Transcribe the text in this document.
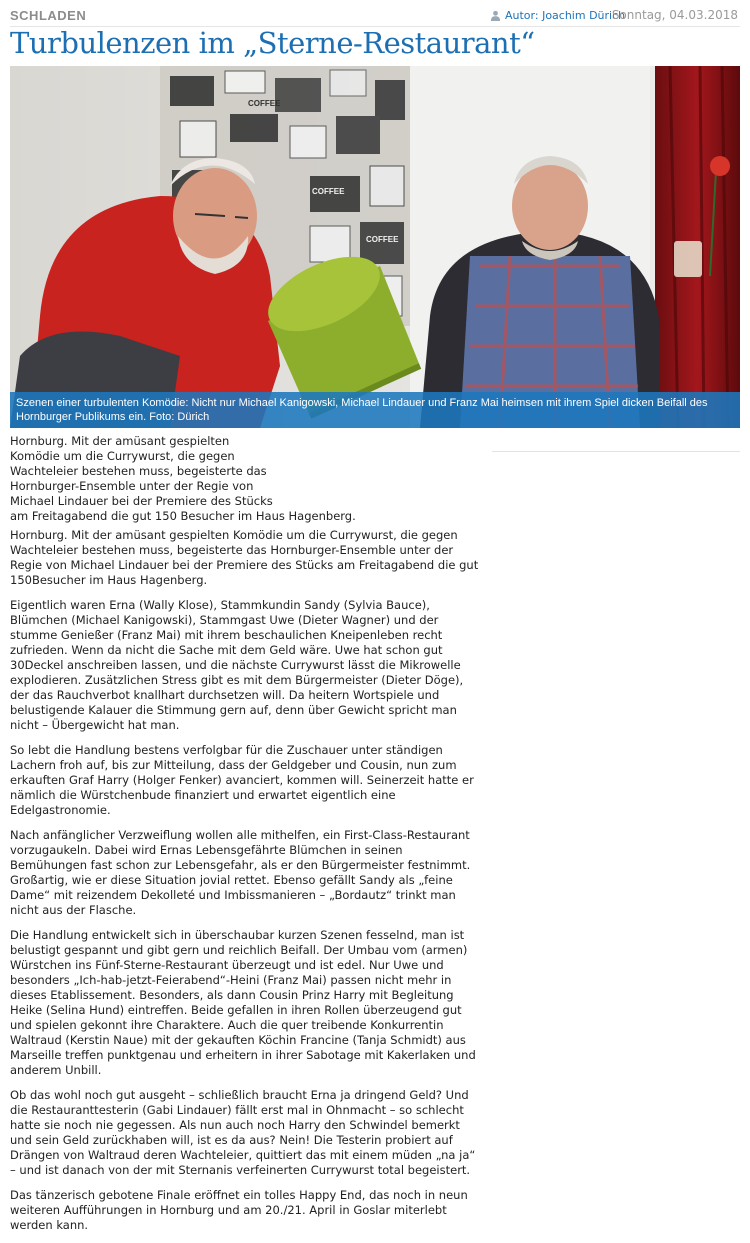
SCHLADEN	Autor: Joachim Dürich
Sonntag, 04.03.2018
Turbulenzen im „Sterne-Restaurant“
COFFEE
COFFEE
COFFEE
Szenen einer turbulenten Komödie: Nicht nur Michael Kanigowski, Michael Lindauer und Franz Mai heimsen mit ihrem Spiel dicken Beifall des Hornburger Publikums ein. Foto: Dürich

Hornburg. Mit der amüsant gespielten

Komödie um die Currywurst, die gegen

Wachteleier bestehen muss, begeisterte das

Hornburger-Ensemble unter der Regie von

Michael Lindauer bei der Premiere des Stücks

am Freitagabend die gut 150 Besucher im Haus Hagenberg.

Hornburg. Mit der amüsant gespielten Komödie um die Currywurst, die gegen Wachteleier bestehen muss, begeisterte das Hornburger-Ensemble unter der Regie von Michael Lindauer bei der Premiere des Stücks am Freitagabend die gut 150Besucher im Haus Hagenberg.

Eigentlich waren Erna (Wally Klose), Stammkundin Sandy (Sylvia Bauce), Blümchen (Michael Kanigowski), Stammgast Uwe (Dieter Wagner) und der stumme Genießer (Franz Mai) mit ihrem beschaulichen Kneipenleben recht zufrieden. Wenn da nicht die Sache mit dem Geld wäre. Uwe hat schon gut 30Deckel anschreiben lassen, und die nächste Currywurst lässt die Mikrowelle explodieren. Zusätzlichen Stress gibt es mit dem Bürgermeister (Dieter Döge), der das Rauchverbot knallhart durchsetzen will. Da heitern Wortspiele und belustigende Kalauer die Stimmung gern auf, denn über Gewicht spricht man nicht – Übergewicht hat man.

So lebt die Handlung bestens verfolgbar für die Zuschauer unter ständigen Lachern froh auf, bis zur Mitteilung, dass der Geldgeber und Cousin, nun zum erkauften Graf Harry (Holger Fenker) avanciert, kommen will. Seinerzeit hatte er nämlich die Würstchenbude finanziert und erwartet eigentlich eine Edelgastronomie.

Nach anfänglicher Verzweiflung wollen alle mithelfen, ein First-Class-Restaurant vorzugaukeln. Dabei wird Ernas Lebensgefährte Blümchen in seinen Bemühungen fast schon zur Lebensgefahr, als er den Bürgermeister festnimmt. Großartig, wie er diese Situation jovial rettet. Ebenso gefällt Sandy als „feine Dame“ mit reizendem Dekolleté und Imbissmanieren – „Bordautz“ trinkt man nicht aus der Flasche.

Die Handlung entwickelt sich in überschaubar kurzen Szenen fesselnd, man ist belustigt gespannt und gibt gern und reichlich Beifall. Der Umbau vom (armen) Würstchen ins Fünf-Sterne-Restaurant überzeugt und ist edel. Nur Uwe und besonders „Ich-hab-jetzt-Feierabend“-Heini (Franz Mai) passen nicht mehr in dieses Etablissement. Besonders, als dann Cousin Prinz Harry mit Begleitung Heike (Selina Hund) eintreffen. Beide gefallen in ihren Rollen überzeugend gut und spielen gekonnt ihre Charaktere. Auch die quer treibende Konkurrentin Waltraud (Kerstin Naue) mit der gekauften Köchin Francine (Tanja Schmidt) aus Marseille treffen punktgenau und erheitern in ihrer Sabotage mit Kakerlaken und anderem Unbill.

Ob das wohl noch gut ausgeht – schließlich braucht Erna ja dringend Geld? Und die Restauranttesterin (Gabi Lindauer) fällt erst mal in Ohnmacht – so schlecht hatte sie noch nie gegessen. Als nun auch noch Harry den Schwindel bemerkt und sein Geld zurückhaben will, ist es da aus? Nein! Die Testerin probiert auf Drängen von Waltraud deren Wachteleier, quittiert das mit einem müden „na ja“ – und ist danach von der mit Sternanis verfeinerten Currywurst total begeistert.

Das tänzerisch gebotene Finale eröffnet ein tolles Happy End, das noch in neun weiteren Aufführungen in Hornburg und am 20./21. April in Goslar miterlebt werden kann.
